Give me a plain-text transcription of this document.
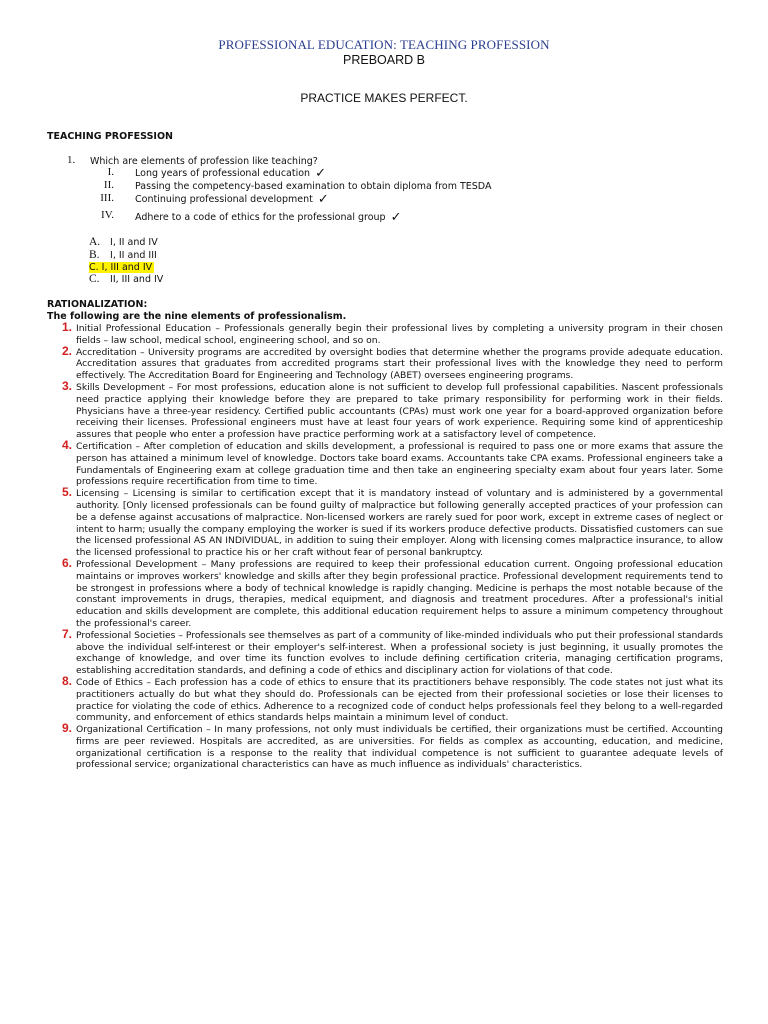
PROFESSIONAL EDUCATION: TEACHING PROFESSION
PREBOARD B
PRACTICE MAKES PERFECT.
TEACHING PROFESSION
1. Which are elements of profession like teaching?
I. Long years of professional education ✓
II. Passing the competency-based examination to obtain diploma from TESDA
III. Continuing professional development ✓
IV. Adhere to a code of ethics for the professional group ✓
A. I, II and IV
B. I, II and III
C. I, III and IV
C. II, III and IV
RATIONALIZATION:
The following are the nine elements of professionalism.
1. Initial Professional Education – Professionals generally begin their professional lives by completing a university program in their chosen fields – law school, medical school, engineering school, and so on.
2. Accreditation – University programs are accredited by oversight bodies that determine whether the programs provide adequate education. Accreditation assures that graduates from accredited programs start their professional lives with the knowledge they need to perform effectively. The Accreditation Board for Engineering and Technology (ABET) oversees engineering programs.
3. Skills Development – For most professions, education alone is not sufficient to develop full professional capabilities. Nascent professionals need practice applying their knowledge before they are prepared to take primary responsibility for performing work in their fields. Physicians have a three-year residency. Certified public accountants (CPAs) must work one year for a board-approved organization before receiving their licenses. Professional engineers must have at least four years of work experience. Requiring some kind of apprenticeship assures that people who enter a profession have practice performing work at a satisfactory level of competence.
4. Certification – After completion of education and skills development, a professional is required to pass one or more exams that assure the person has attained a minimum level of knowledge. Doctors take board exams. Accountants take CPA exams. Professional engineers take a Fundamentals of Engineering exam at college graduation time and then take an engineering specialty exam about four years later. Some professions require recertification from time to time.
5. Licensing – Licensing is similar to certification except that it is mandatory instead of voluntary and is administered by a governmental authority. [Only licensed professionals can be found guilty of malpractice but following generally accepted practices of your profession can be a defense against accusations of malpractice. Non-licensed workers are rarely sued for poor work, except in extreme cases of neglect or intent to harm; usually the company employing the worker is sued if its workers produce defective products. Dissatisfied customers can sue the licensed professional AS AN INDIVIDUAL, in addition to suing their employer. Along with licensing comes malpractice insurance, to allow the licensed professional to practice his or her craft without fear of personal bankruptcy.
6. Professional Development – Many professions are required to keep their professional education current. Ongoing professional education maintains or improves workers' knowledge and skills after they begin professional practice. Professional development requirements tend to be strongest in professions where a body of technical knowledge is rapidly changing. Medicine is perhaps the most notable because of the constant improvements in drugs, therapies, medical equipment, and diagnosis and treatment procedures. After a professional's initial education and skills development are complete, this additional education requirement helps to assure a minimum competency throughout the professional's career.
7. Professional Societies – Professionals see themselves as part of a community of like-minded individuals who put their professional standards above the individual self-interest or their employer's self-interest. When a professional society is just beginning, it usually promotes the exchange of knowledge, and over time its function evolves to include defining certification criteria, managing certification programs, establishing accreditation standards, and defining a code of ethics and disciplinary action for violations of that code.
8. Code of Ethics – Each profession has a code of ethics to ensure that its practitioners behave responsibly. The code states not just what its practitioners actually do but what they should do. Professionals can be ejected from their professional societies or lose their licenses to practice for violating the code of ethics. Adherence to a recognized code of conduct helps professionals feel they belong to a well-regarded community, and enforcement of ethics standards helps maintain a minimum level of conduct.
9. Organizational Certification – In many professions, not only must individuals be certified, their organizations must be certified. Accounting firms are peer reviewed. Hospitals are accredited, as are universities. For fields as complex as accounting, education, and medicine, organizational certification is a response to the reality that individual competence is not sufficient to guarantee adequate levels of professional service; organizational characteristics can have as much influence as individuals' characteristics.
